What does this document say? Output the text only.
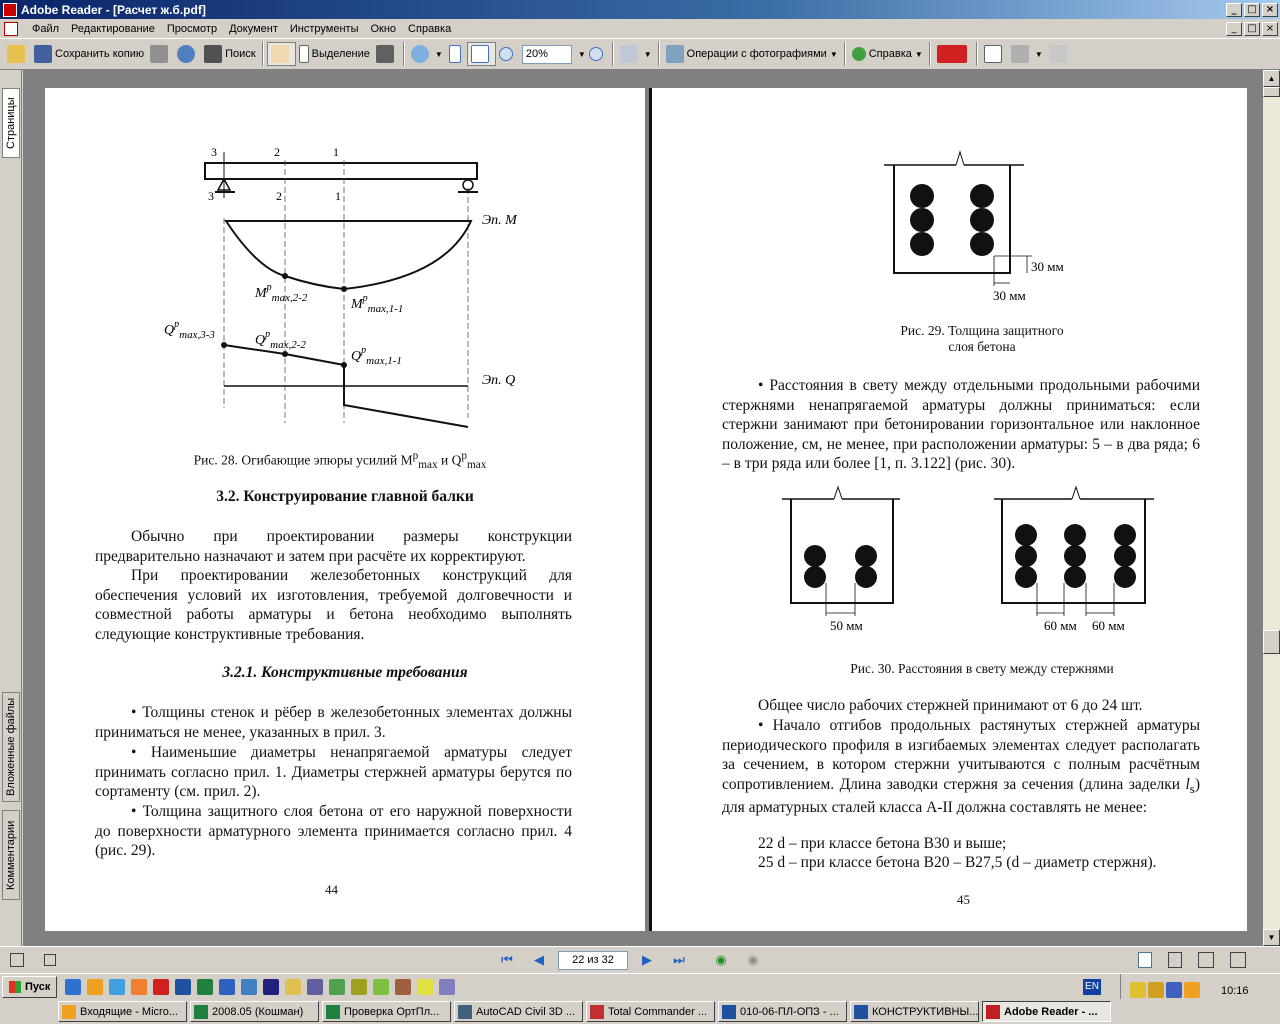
Adobe Reader - [Расчет ж.б.pdf]	_	□ ×
Файл	Редактирование	Просмотр	Документ	Инструменты	Окно	Справка	_	□ ×
Сохранить копию	Поиск	Выделение	▼	20%	▼	▼	Операции с фотографиями ▼	Справка ▼	▼
Страницы
Вложенные файлы
Комментарии
3	2	1
3	2	1
Эп. М
$M^p_{max,2-2}$	$M^p_{max,1-1}$
$Q^p_{max,3-3}$	$Q^p_{max,2-2}$
$Q^p_{max,1-1}$
Эп. Q
Рис. 28. Огибающие эпюры усилий $M^p_{max}$ и $Q^p_{max}$

3.2. Конструирование главной балки

Обычно при проектировании размеры конструкции предварительно назначают и затем при расчёте их корректируют.

При проектировании железобетонных конструкций для обеспечения условий их изготовления, требуемой долговечности и совместной работы арматуры и бетона необходимо выполнять следующие конструктивные требования.

3.2.1. Конструктивные требования

• Толщины стенок и рёбер в железобетонных элементах должны приниматься не менее, указанных в прил. 3.

• Наименьшие диаметры ненапрягаемой арматуры следует принимать согласно прил. 1. Диаметры стержней арматуры берутся по сортаменту (см. прил. 2).

• Толщина защитного слоя бетона от его наружной поверхности до поверхности арматурного элемента принимается согласно прил. 4 (рис. 29).

44
30 мм
30 мм
Рис. 29. Толщина защитного
слоя бетона

• Расстояния в свету между отдельными продольными рабочими стержнями ненапрягаемой арматуры должны приниматься: если стержни занимают при бетонировании горизонтальное или наклонное положение, см, не менее, при расположении арматуры: 5 – в два ряда; 6 – в три ряда или более [1, п. 3.122] (рис. 30).

50 мм	60 мм 60 мм
Рис. 30. Расстояния в свету между стержнями

Общее число рабочих стержней принимают от 6 до 24 шт.

• Начало отгибов продольных растянутых стержней арматуры периодического профиля в изгибаемых элементах следует располагать за сечением, в котором стержни учитываются с полным расчётным сопротивлением. Длина заводки стержня за сечения (длина заделки $l_s$) для арматурных сталей класса А-II должна составлять не менее:

22 d – при классе бетона В30 и выше;

25 d – при классе бетона В20 – В27,5 (d – диаметр стержня).

45
▲
▼
⏮	◀	22 из 32	▶	⏭	◉	◉
Пуск	EN	10:16
Входящие - Micro...	2008.05 (Кошман)	Проверка ОртПл...	AutoCAD Civil 3D ...	Total Commander ...	010-06-ПЛ-ОПЗ - ...	КОНСТРУКТИВНЫ... Adobe Reader - ...
